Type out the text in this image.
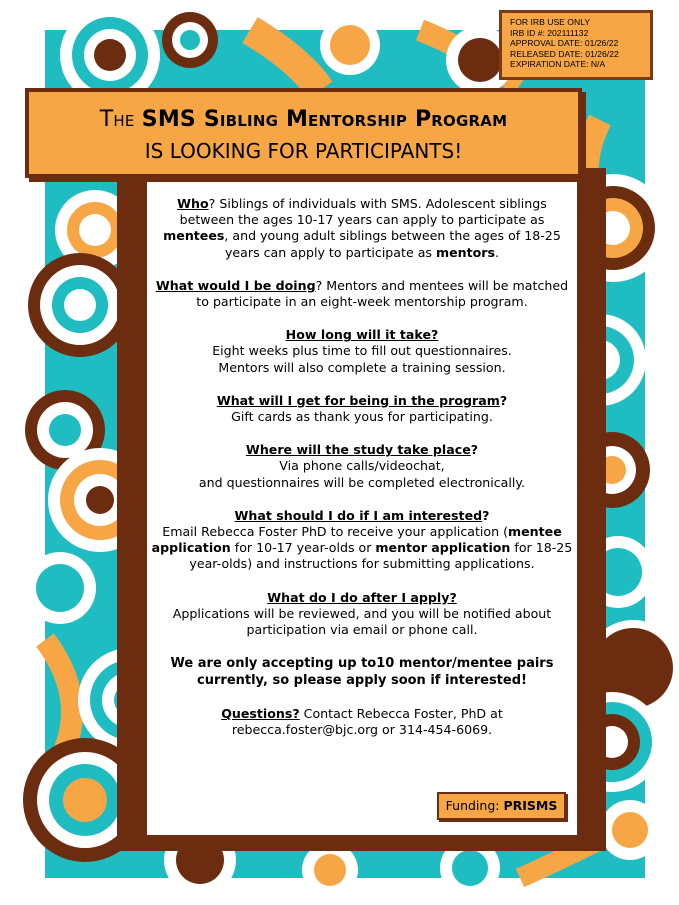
FOR IRB USE ONLY
IRB ID #: 202111132
APPROVAL DATE: 01/26/22
RELEASED DATE: 01/26/22
EXPIRATION DATE: N/A
The SMS Sibling Mentorship Program
IS LOOKING FOR PARTICIPANTS!

Who? Siblings of individuals with SMS. Adolescent siblings between the ages 10-17 years can apply to participate as mentees, and young adult siblings between the ages of 18-25 years can apply to participate as mentors.

What would I be doing? Mentors and mentees will be matched to participate in an eight-week mentorship program.

How long will it take?
Eight weeks plus time to fill out questionnaires.
Mentors will also complete a training session.

What will I get for being in the program?
Gift cards as thank yous for participating.

Where will the study take place?
Via phone calls/videochat,
and questionnaires will be completed electronically.

What should I do if I am interested?
Email Rebecca Foster PhD to receive your application (mentee application for 10-17 year-olds or mentor application for 18-25 year-olds) and instructions for submitting applications.

What do I do after I apply?
Applications will be reviewed, and you will be notified about participation via email or phone call.

We are only accepting up to10 mentor/mentee pairs currently, so please apply soon if interested!

Questions? Contact Rebecca Foster, PhD at
rebecca.foster@bjc.org or 314-454-6069.

Funding: PRISMS
